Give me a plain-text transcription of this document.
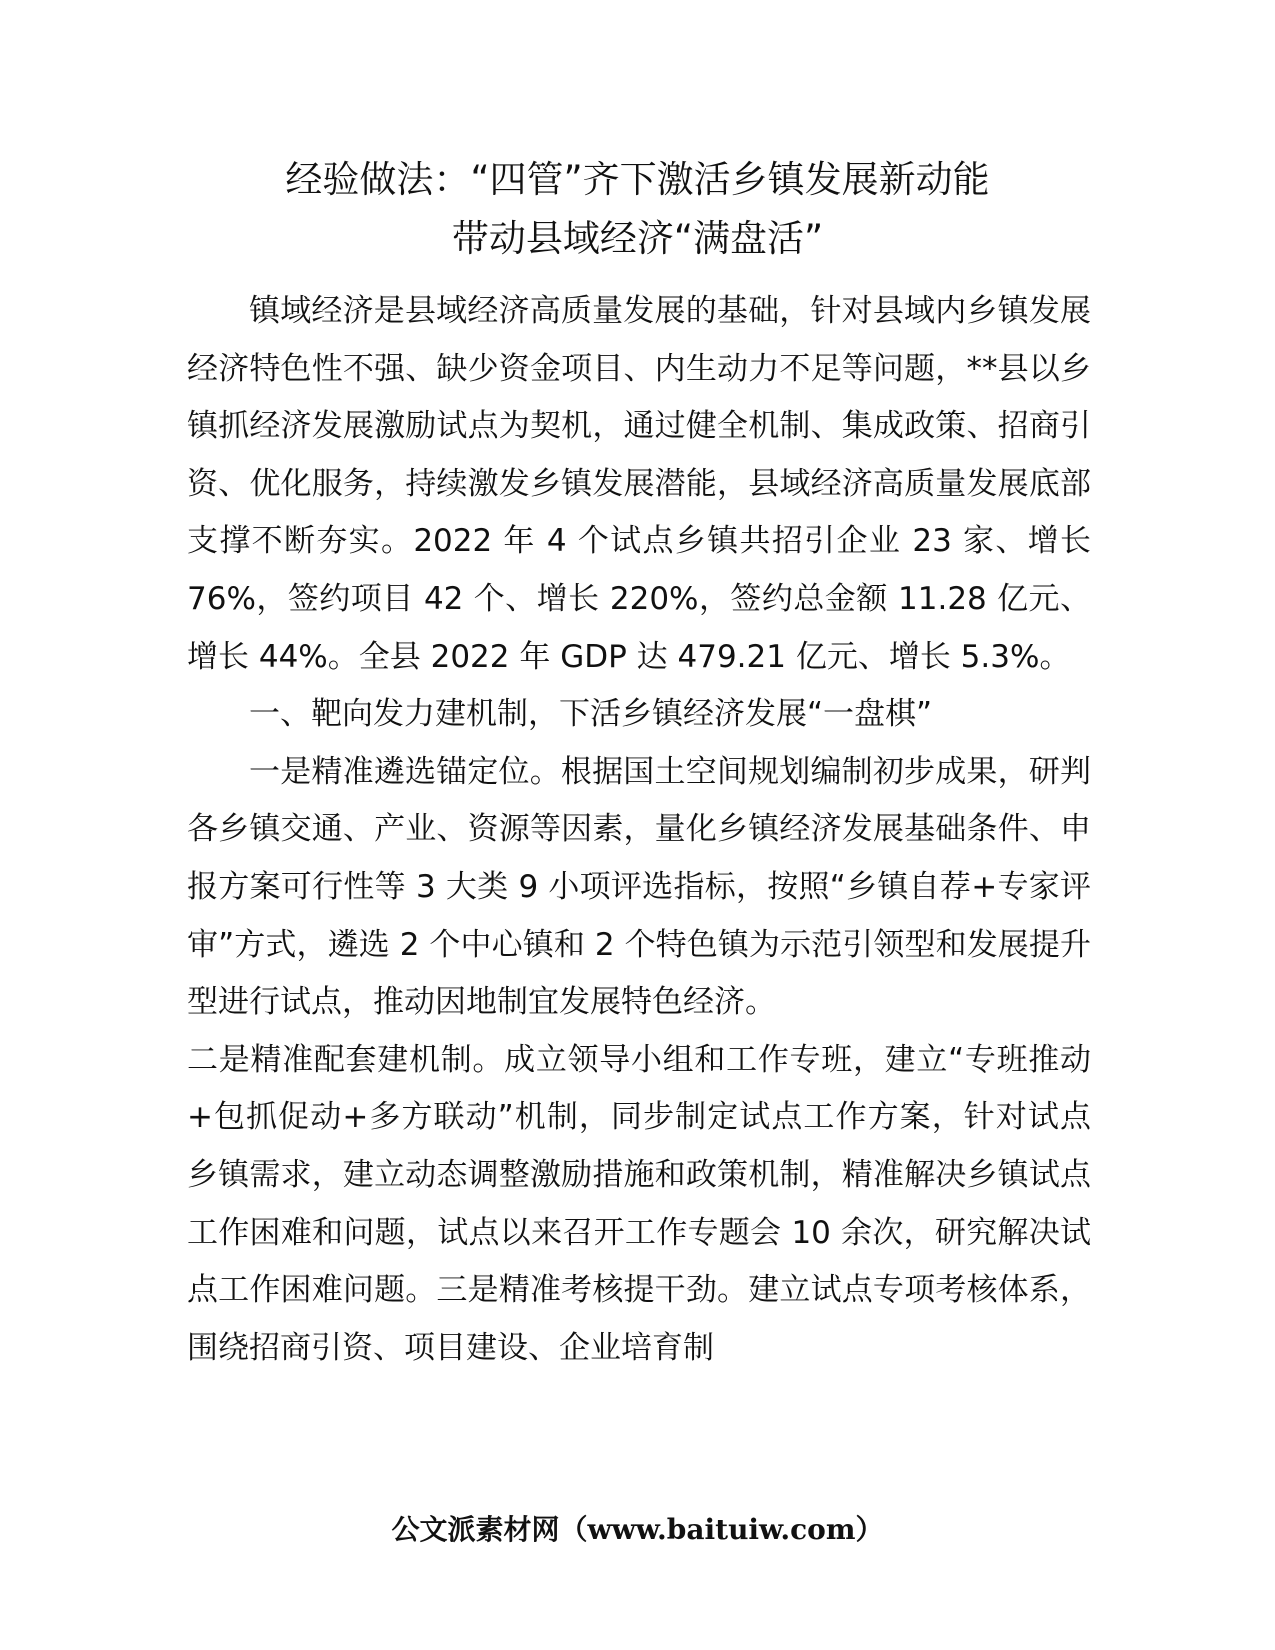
经验做法：“四管”齐下激活乡镇发展新动能
带动县域经济“满盘活”

镇域经济是县域经济高质量发展的基础，针对县域内乡镇发展经济特色性不强、缺少资金项目、内生动力不足等问题，**县以乡镇抓经济发展激励试点为契机，通过健全机制、集成政策、招商引资、优化服务，持续激发乡镇发展潜能，县域经济高质量发展底部支撑不断夯实。2022 年 4 个试点乡镇共招引企业 23 家、增长 76%，签约项目 42 个、增长 220%，签约总金额 11.28 亿元、增长 44%。全县 2022 年 GDP 达 479.21 亿元、增长 5.3%。

一、靶向发力建机制，下活乡镇经济发展“一盘棋”

一是精准遴选锚定位。根据国土空间规划编制初步成果，研判各乡镇交通、产业、资源等因素，量化乡镇经济发展基础条件、申报方案可行性等 3 大类 9 小项评选指标，按照“乡镇自荐+专家评审”方式，遴选 2 个中心镇和 2 个特色镇为示范引领型和发展提升型进行试点，推动因地制宜发展特色经济。

二是精准配套建机制。成立领导小组和工作专班，建立“专班推动+包抓促动+多方联动”机制，同步制定试点工作方案，针对试点乡镇需求，建立动态调整激励措施和政策机制，精准解决乡镇试点工作困难和问题，试点以来召开工作专题会 10 余次，研究解决试点工作困难问题。三是精准考核提干劲。建立试点专项考核体系，围绕招商引资、项目建设、企业培育制

公文派素材网（www.baituiw.com）
